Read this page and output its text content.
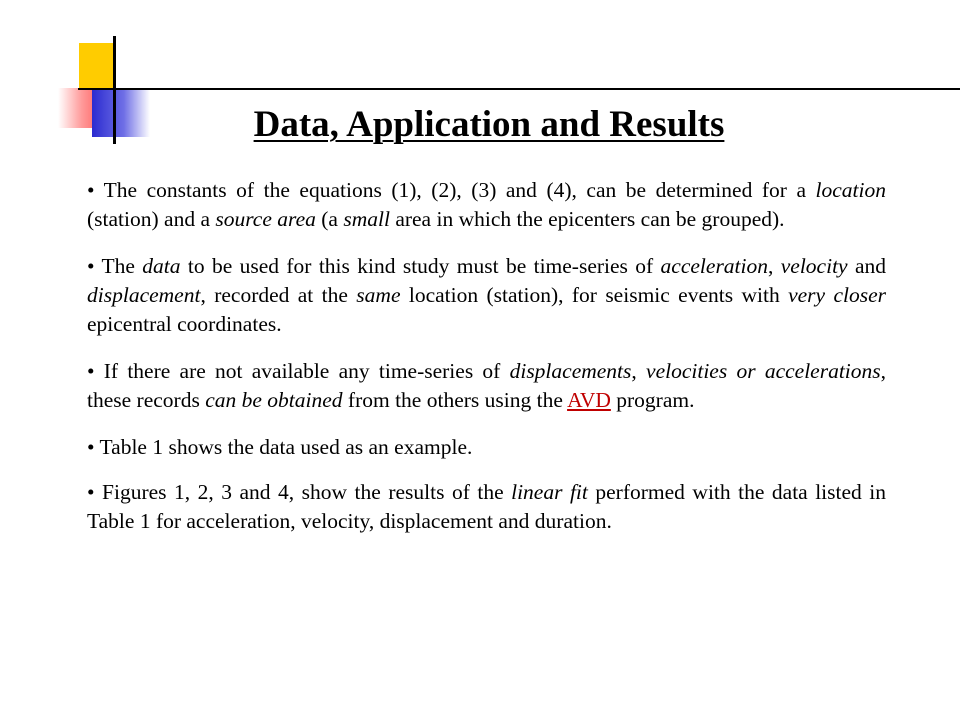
Data, Application and Results

• The constants of the equations (1), (2), (3) and (4), can be determined for a location (station) and a source area (a small area in which the epicenters can be grouped).

• The data to be used for this kind study must be time-series of acceleration, velocity and displacement, recorded at the same location (station), for seismic events with very closer epicentral coordinates.

• If there are not available any time-series of displacements, velocities or accelerations, these records can be obtained from the others using the AVD program.

• Table 1 shows the data used as an example.

• Figures 1, 2, 3 and 4, show the results of the linear fit performed with the data listed in Table 1 for acceleration, velocity, displacement and duration.
